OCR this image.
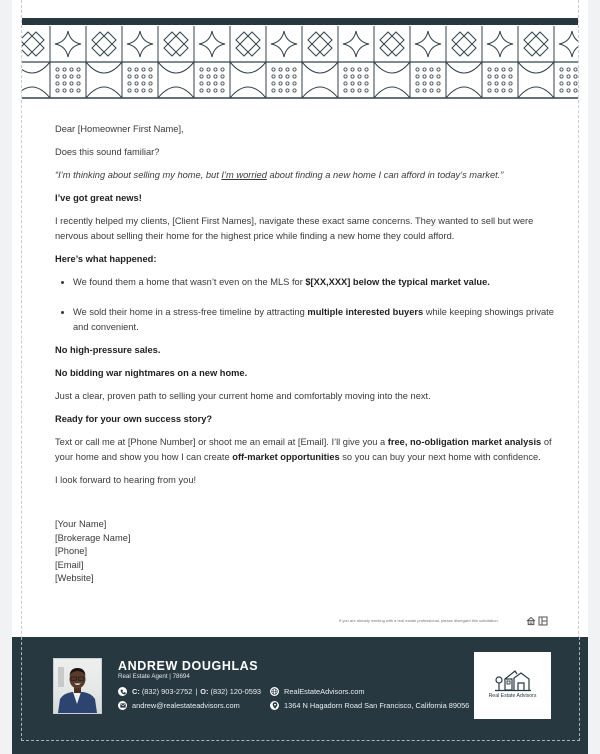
Dear [Homeowner First Name],

Does this sound familiar?

“I’m thinking about selling my home, but I’m worried about finding a new home I can afford in today’s market.”

I’ve got great news!

I recently helped my clients, [Client First Names], navigate these exact same concerns. They wanted to sell but were nervous about selling their home for the highest price while finding a new home they could afford.

Here’s what happened:

• We found them a home that wasn’t even on the MLS for $[XX,XXX] below the typical market value.
• We sold their home in a stress-free timeline by attracting multiple interested buyers while keeping showings private and convenient.

No high-pressure sales.

No bidding war nightmares on a new home.

Just a clear, proven path to selling your current home and comfortably moving into the next.

Ready for your own success story?

Text or call me at [Phone Number] or shoot me an email at [Email]. I’ll give you a free, no-obligation market analysis of your home and show you how I can create off-market opportunities so you can buy your next home with confidence.

I look forward to hearing from you!

[Your Name]
[Brokerage Name]
[Phone]
[Email]
[Website]
If you are already working with a real estate professional, please disregard this solicitation.
ANDREW DOUGHLAS
Real Estate Agent | 78694
C: (832) 903-2752 | O: (832) 120-0593
andrew@realestateadvisors.com
RealEstateAdvisors.com
1364 N Hagadorn Road San Francisco, California 89056
Real Estate Advisors
